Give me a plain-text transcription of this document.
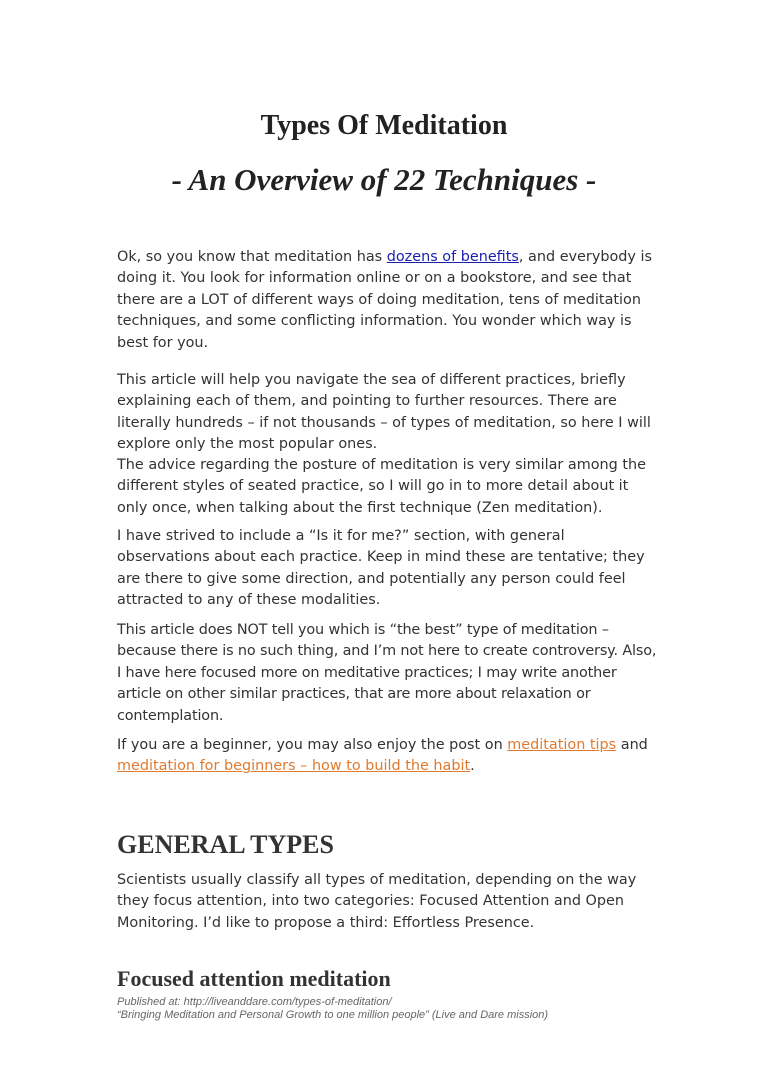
Types Of Meditation
- An Overview of 22 Techniques -

Ok, so you know that meditation has dozens of benefits, and everybody is doing it. You look for information online or on a bookstore, and see that there are a LOT of different ways of doing meditation, tens of meditation techniques, and some conflicting information. You wonder which way is best for you.

This article will help you navigate the sea of different practices, briefly explaining each of them, and pointing to further resources. There are literally hundreds – if not thousands – of types of meditation, so here I will explore only the most popular ones.

The advice regarding the posture of meditation is very similar among the different styles of seated practice, so I will go in to more detail about it only once, when talking about the first technique (Zen meditation).

I have strived to include a “Is it for me?” section, with general observations about each practice. Keep in mind these are tentative; they are there to give some direction, and potentially any person could feel attracted to any of these modalities.

This article does NOT tell you which is “the best” type of meditation – because there is no such thing, and I’m not here to create controversy. Also, I have here focused more on meditative practices; I may write another article on other similar practices, that are more about relaxation or contemplation.

If you are a beginner, you may also enjoy the post on meditation tips and meditation for beginners – how to build the habit.

GENERAL TYPES

Scientists usually classify all types of meditation, depending on the way they focus attention, into two categories: Focused Attention and Open Monitoring. I’d like to propose a third: Effortless Presence.

Focused attention meditation
Published at: http://liveanddare.com/types-of-meditation/
“Bringing Meditation and Personal Growth to one million people” (Live and Dare mission)
